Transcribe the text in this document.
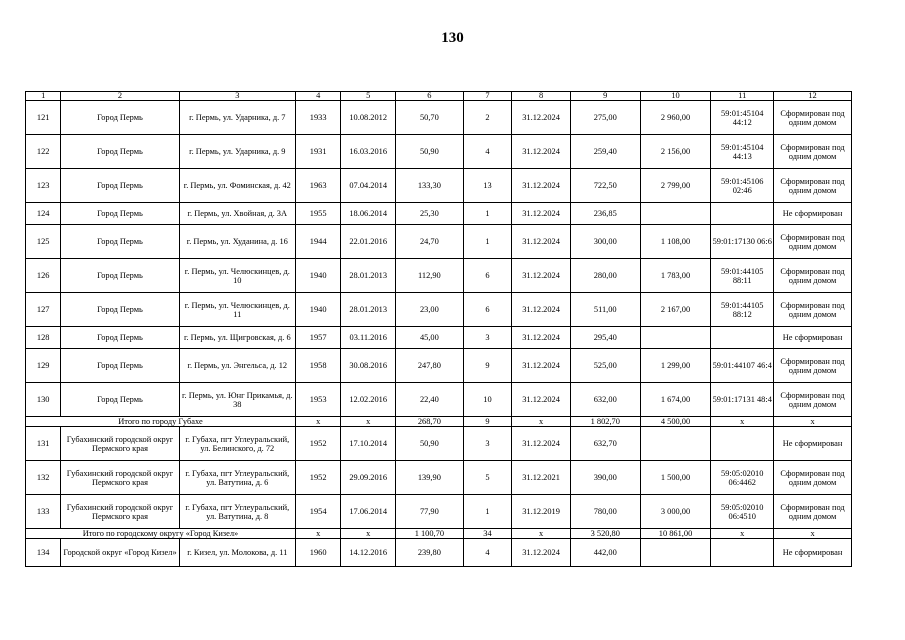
130
1	2	3	4	5	6	7	8	9	10	11	12
121	Город Пермь	г. Пермь, ул. Ударника, д. 7	1933	10.08.2012	50,70	2	31.12.2024	275,00	2 960,00	59:01:45104 44:12	Сформирован под одним домом
122	Город Пермь	г. Пермь, ул. Ударника, д. 9	1931	16.03.2016	50,90	4	31.12.2024	259,40	2 156,00	59:01:45104 44:13	Сформирован под одним домом
123	Город Пермь	г. Пермь, ул. Фоминская, д. 42	1963	07.04.2014	133,30	13	31.12.2024	722,50	2 799,00	59:01:45106 02:46	Сформирован под одним домом
124	Город Пермь	г. Пермь, ул. Хвойная, д. 3А	1955	18.06.2014	25,30	1	31.12.2024	236,85			Не сформирован
125	Город Пермь	г. Пермь, ул. Худанина, д. 16	1944	22.01.2016	24,70	1	31.12.2024	300,00	1 108,00	59:01:17130 06:6	Сформирован под одним домом
126	Город Пермь	г. Пермь, ул. Челюскинцев, д. 10	1940	28.01.2013	112,90	6	31.12.2024	280,00	1 783,00	59:01:44105 88:11	Сформирован под одним домом
127	Город Пермь	г. Пермь, ул. Челюскинцев, д. 11	1940	28.01.2013	23,00	6	31.12.2024	511,00	2 167,00	59:01:44105 88:12	Сформирован под одним домом
128	Город Пермь	г. Пермь, ул. Щигровская, д. 6	1957	03.11.2016	45,00	3	31.12.2024	295,40			Не сформирован
129	Город Пермь	г. Пермь, ул. Энгельса, д. 12	1958	30.08.2016	247,80	9	31.12.2024	525,00	1 299,00	59:01:44107 46:4	Сформирован под одним домом
130	Город Пермь	г. Пермь, ул. Юнг Прикамья, д. 38	1953	12.02.2016	22,40	10	31.12.2024	632,00	1 674,00	59:01:17131 48:4	Сформирован под одним домом
Итого по городу Губахе			x	x	268,70	9	x	1 802,70	4 500,00	x	x
131	Губахинский городской округ Пермского края	г. Губаха, пгт Углеуральский, ул. Белинского, д. 72	1952	17.10.2014	50,90	3	31.12.2024	632,70			Не сформирован
132	Губахинский городской округ Пермского края	г. Губаха, пгт Углеуральский, ул. Ватутина, д. 6	1952	29.09.2016	139,90	5	31.12.2021	390,00	1 500,00	59:05:02010 06:4462	Сформирован под одним домом
133	Губахинский городской округ Пермского края	г. Губаха, пгт Углеуральский, ул. Ватутина, д. 8	1954	17.06.2014	77,90	1	31.12.2019	780,00	3 000,00	59:05:02010 06:4510	Сформирован под одним домом
Итого по городскому округу «Город Кизел»			x	x	1 100,70	34	x	3 520,80	10 861,00	x	x
134	Городской округ «Город Кизел»	г. Кизел, ул. Молокова, д. 11	1960	14.12.2016	239,80	4	31.12.2024	442,00			Не сформирован
